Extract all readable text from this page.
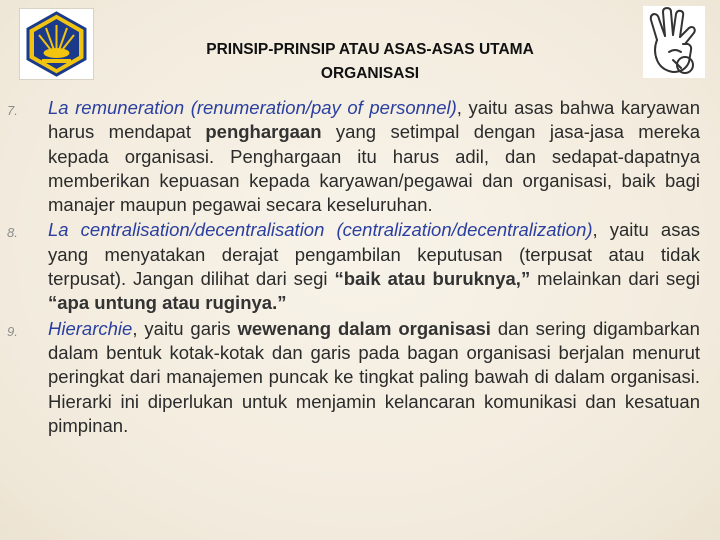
PRINSIP-PRINSIP ATAU ASAS-ASAS UTAMA
ORGANISASI
7. La remuneration (renumeration/pay of personnel), yaitu asas bahwa karyawan harus mendapat penghargaan yang setimpal dengan jasa-jasa mereka kepada organisasi. Penghargaan itu harus adil, dan sedapat-dapatnya memberikan kepuasan kepada karyawan/pegawai dan organisasi, baik bagi manajer maupun pegawai secara keseluruhan.
8. La centralisation/decentralisation (centralization/decentralization), yaitu asas yang menyatakan derajat pengambilan keputusan (terpusat atau tidak terpusat). Jangan dilihat dari segi “baik atau buruknya,” melainkan dari segi “apa untung atau ruginya.”
9. Hierarchie, yaitu garis wewenang dalam organisasi dan sering digambarkan dalam bentuk kotak-kotak dan garis pada bagan organisasi berjalan menurut peringkat dari manajemen puncak ke tingkat paling bawah di dalam organisasi. Hierarki ini diperlukan untuk menjamin kelancaran komunikasi dan kesatuan pimpinan.
